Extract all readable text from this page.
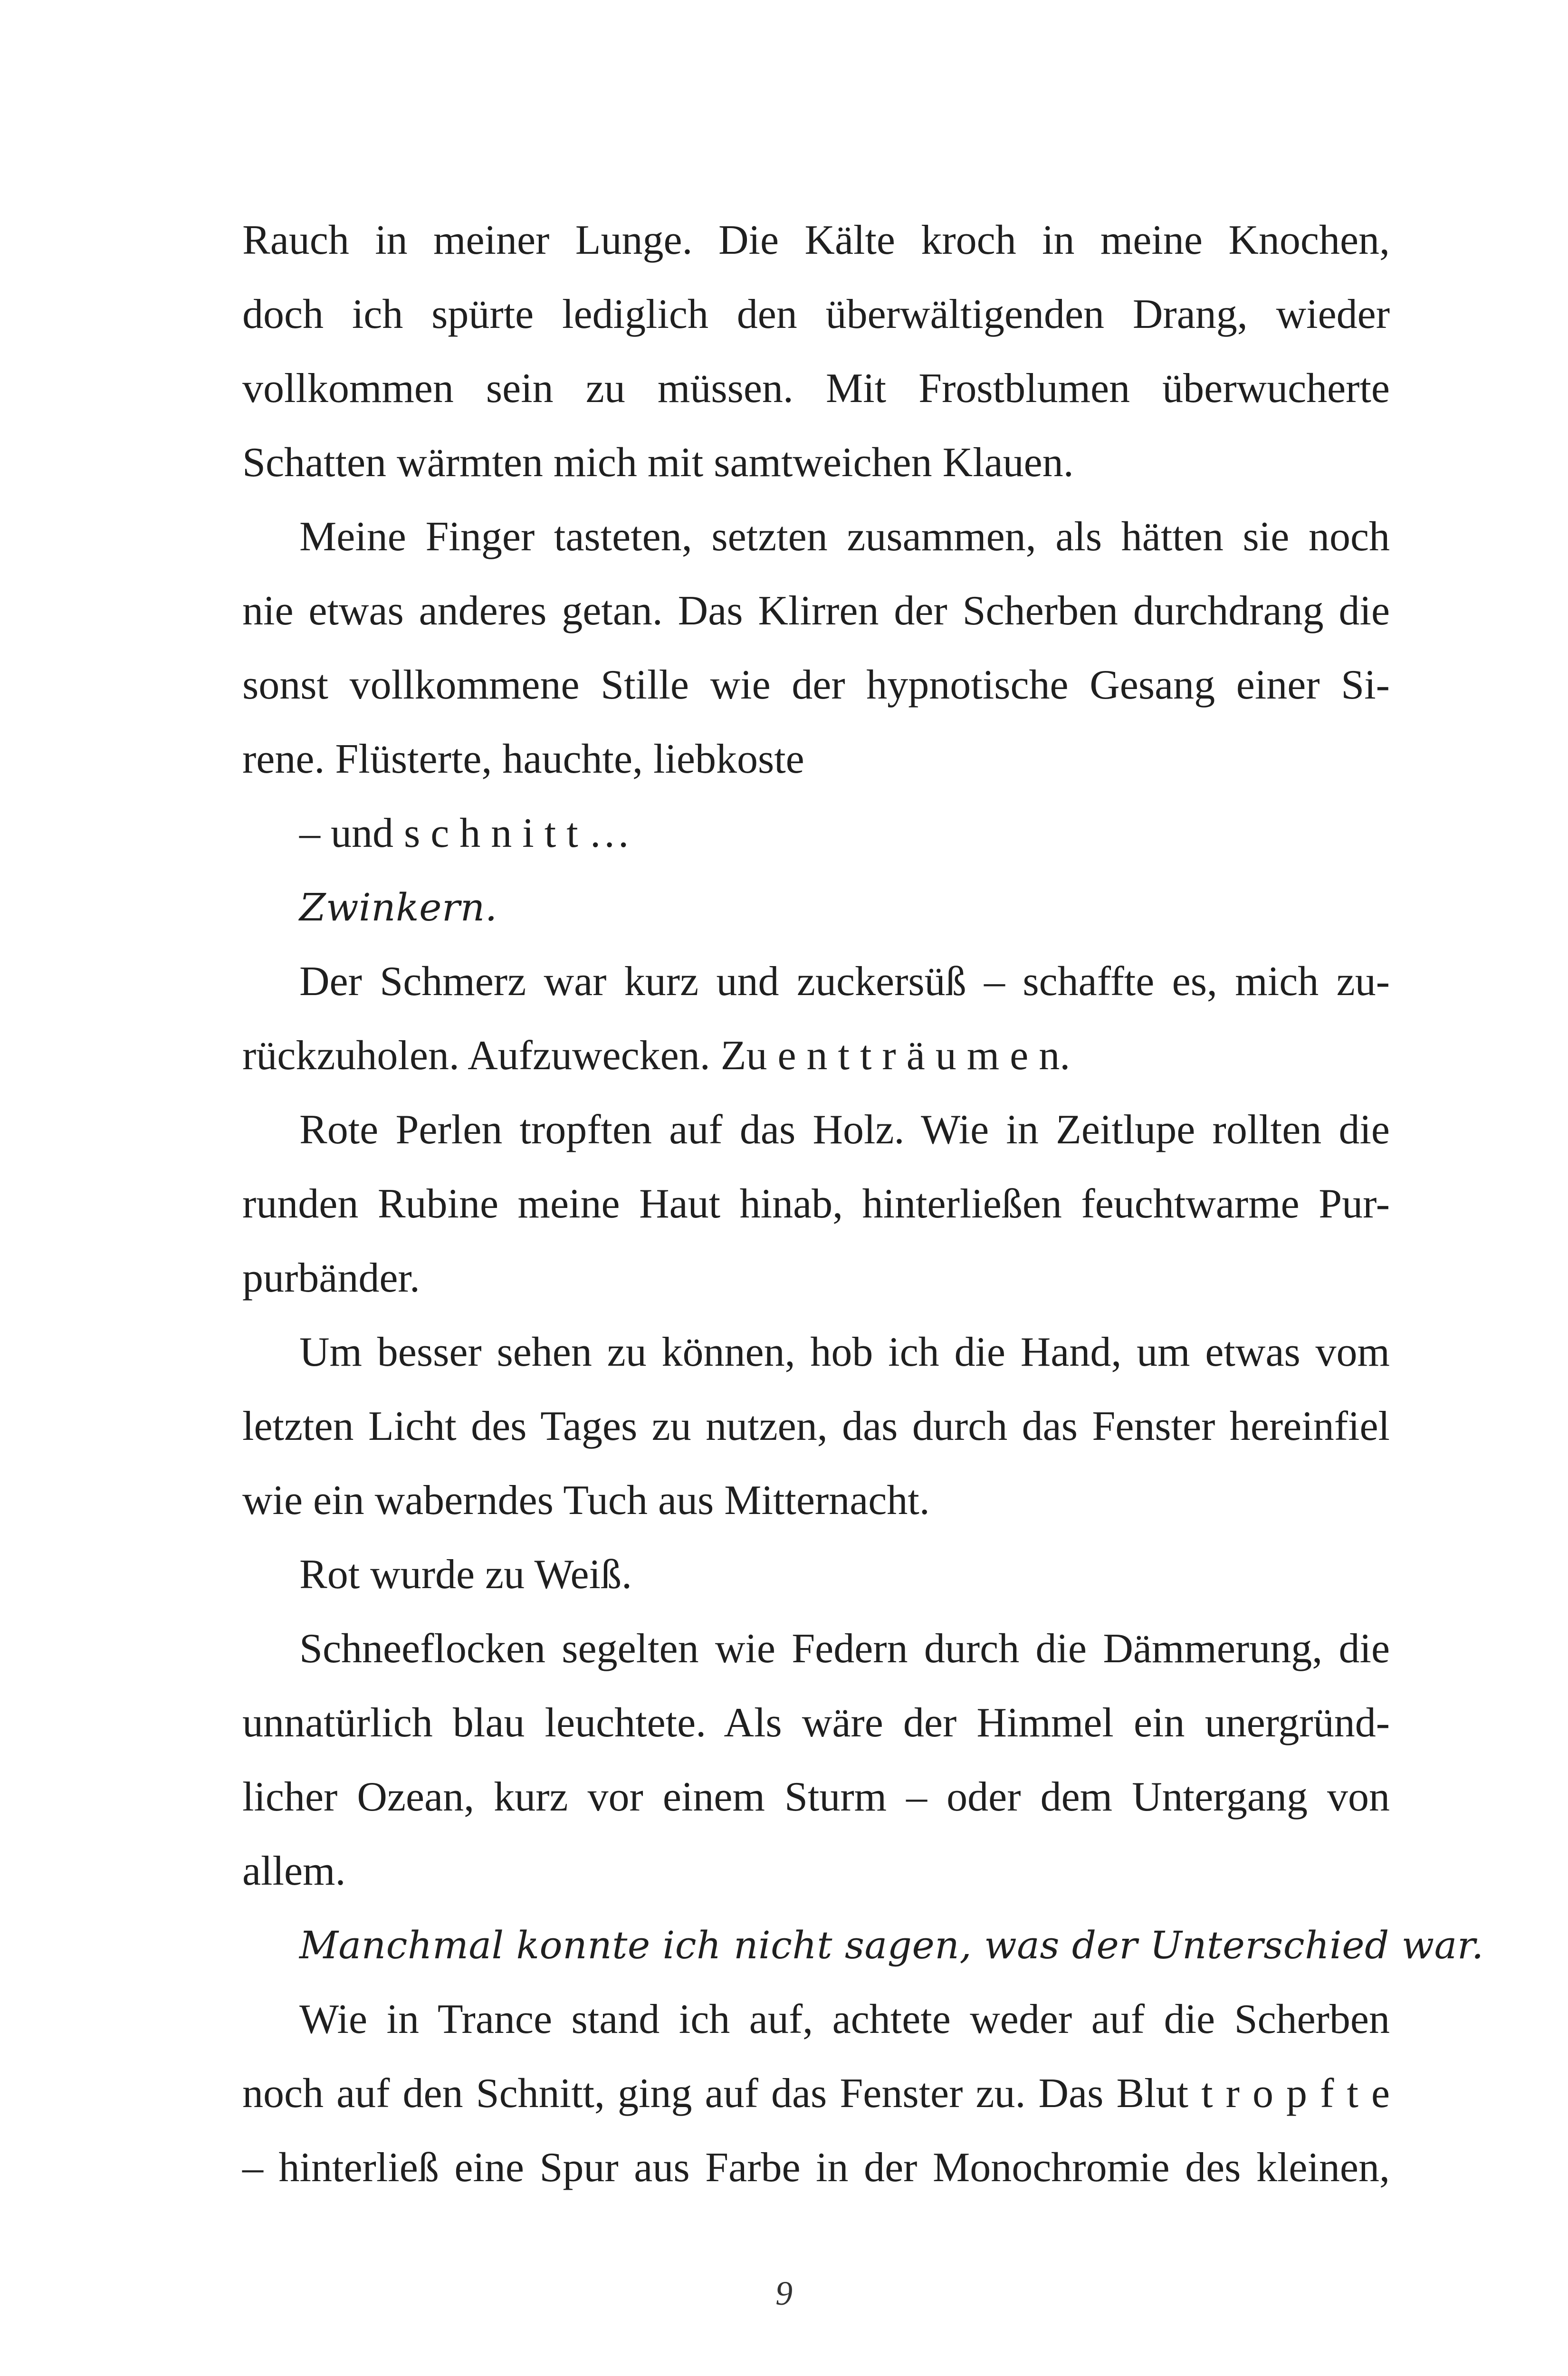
Rauch in meiner Lunge. Die Kälte kroch in meine Knochen,
doch ich spürte lediglich den überwältigenden Drang, wieder
vollkommen sein zu müssen. Mit Frostblumen überwucherte
Schatten wärmten mich mit samtweichen Klauen.
Meine Finger tasteten, setzten zusammen, als hätten sie noch
nie etwas anderes getan. Das Klirren der Scherben durchdrang die
sonst vollkommene Stille wie der hypnotische Gesang einer Si-
rene. Flüsterte, hauchte, liebkoste
– und s c h n i t t …
Zwinkern.
Der Schmerz war kurz und zuckersüß – schaffte es, mich zu-
rückzuholen. Aufzuwecken. Zu e n t t r ä u m e n.
Rote Perlen tropften auf das Holz. Wie in Zeitlupe rollten die
runden Rubine meine Haut hinab, hinterließen feuchtwarme Pur-
purbänder.
Um besser sehen zu können, hob ich die Hand, um etwas vom
letzten Licht des Tages zu nutzen, das durch das Fenster hereinfiel
wie ein waberndes Tuch aus Mitternacht.
Rot wurde zu Weiß.
Schneeflocken segelten wie Federn durch die Dämmerung, die
unnatürlich blau leuchtete. Als wäre der Himmel ein unergründ-
licher Ozean, kurz vor einem Sturm – oder dem Untergang von
allem.
Manchmal konnte ich nicht sagen, was der Unterschied war.
Wie in Trance stand ich auf, achtete weder auf die Scherben
noch auf den Schnitt, ging auf das Fenster zu. Das Blut t r o p f t e
– hinterließ eine Spur aus Farbe in der Monochromie des kleinen,
9
